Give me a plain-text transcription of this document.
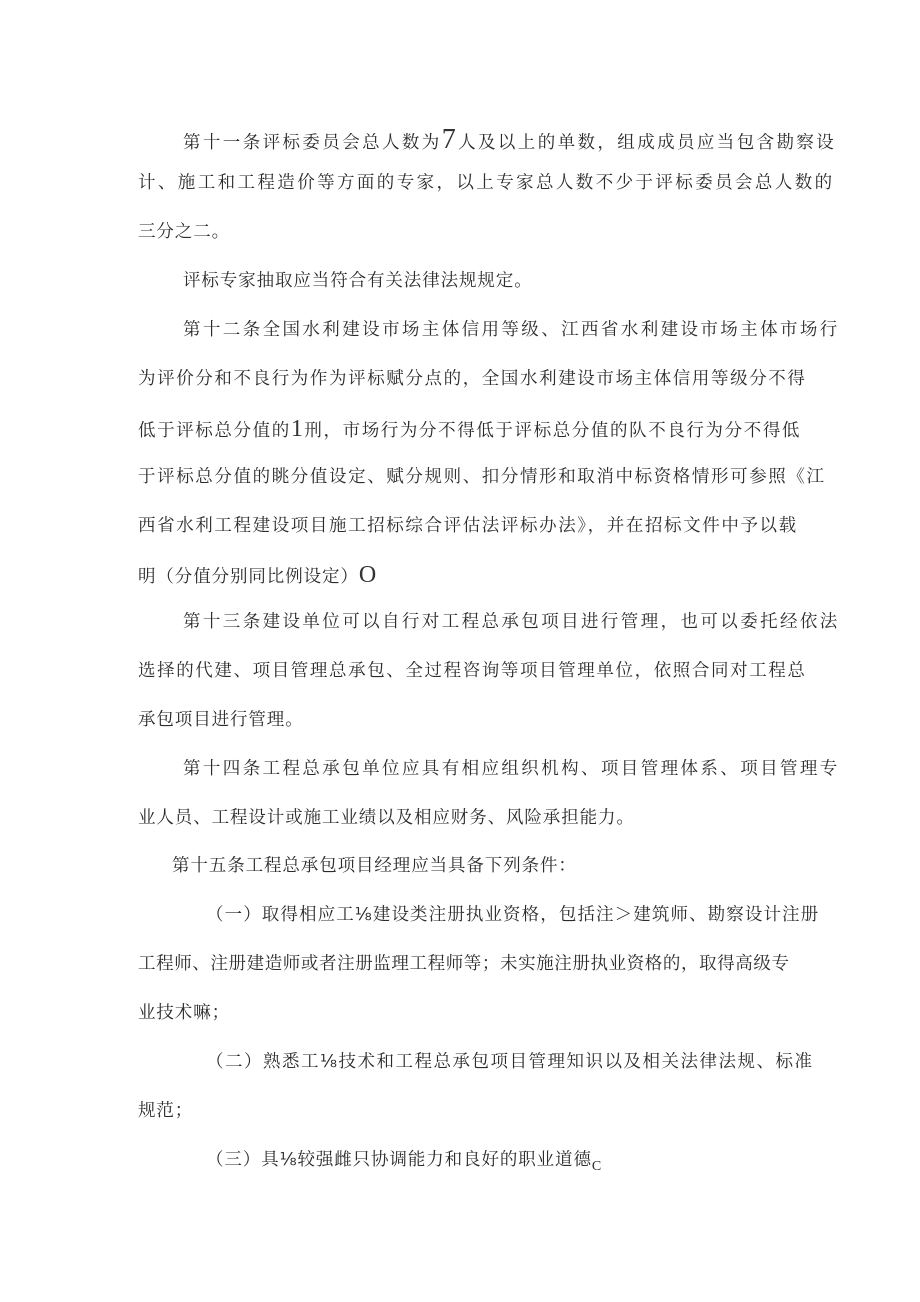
第十一条评标委员会总人数为7人及以上的单数，组成成员应当包含勘察设
计、施工和工程造价等方面的专家，以上专家总人数不少于评标委员会总人数的
三分之二。
评标专家抽取应当符合有关法律法规规定。
第十二条全国水利建设市场主体信用等级、江西省水利建设市场主体市场行
为评价分和不良行为作为评标赋分点的，全国水利建设市场主体信用等级分不得
低于评标总分值的1刑，市场行为分不得低于评标总分值的队不良行为分不得低
于评标总分值的眺分值设定、赋分规则、扣分情形和取消中标资格情形可参照《江
西省水利工程建设项目施工招标综合评估法评标办法》，并在招标文件中予以载
明（分值分别同比例设定）O
第十三条建设单位可以自行对工程总承包项目进行管理，也可以委托经依法
选择的代建、项目管理总承包、全过程咨询等项目管理单位，依照合同对工程总
承包项目进行管理。
第十四条工程总承包单位应具有相应组织机构、项目管理体系、项目管理专
业人员、工程设计或施工业绩以及相应财务、风险承担能力。
第十五条工程总承包项目经理应当具备下列条件：
（一）取得相应工⅛建设类注册执业资格，包括注＞建筑师、勘察设计注册
工程师、注册建造师或者注册监理工程师等；未实施注册执业资格的，取得高级专
业技术嘛；
（二）熟悉工⅛技术和工程总承包项目管理知识以及相关法律法规、标准
规范；
（三）具⅛较强雌只协调能力和良好的职业道德$_C$
